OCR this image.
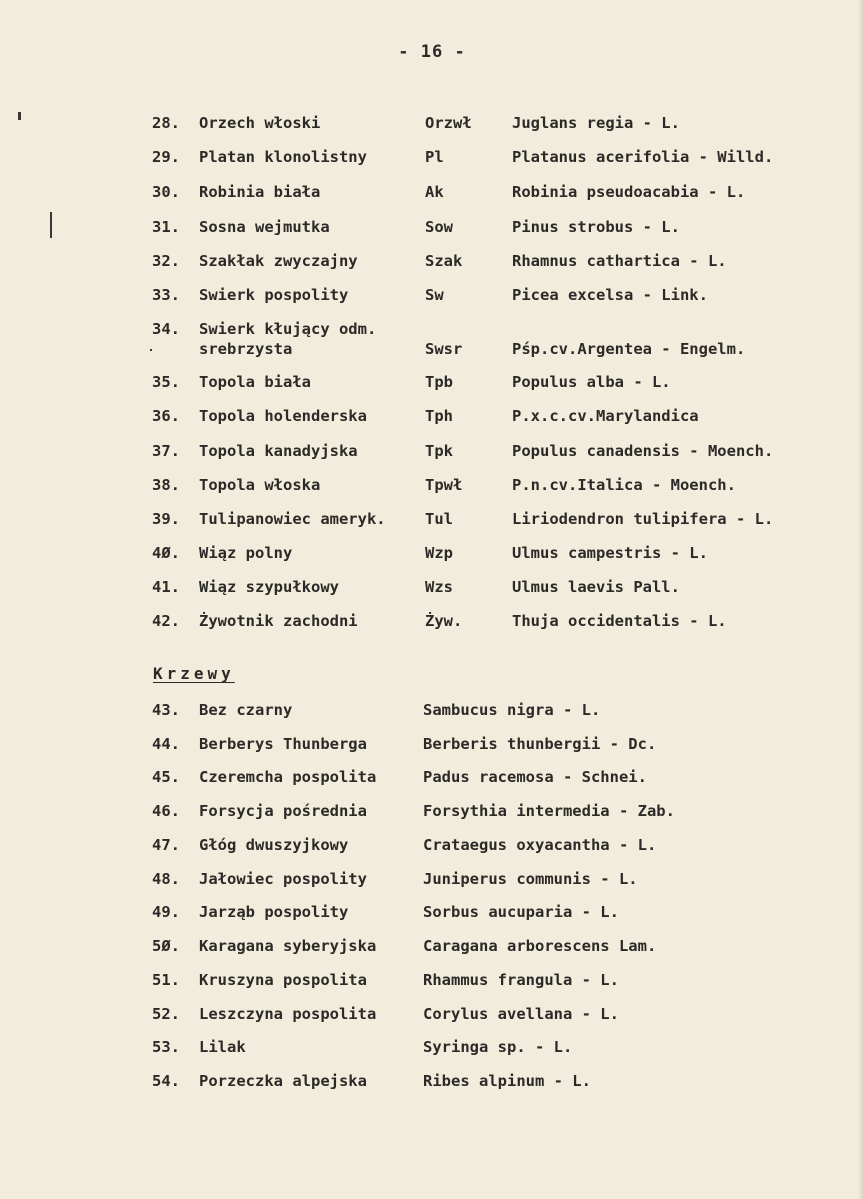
- 16 -
28.	Orzech włoski	Orzwł	Juglans regia - L.
29.	Platan klonolistny	Pl	Platanus acerifolia - Willd.
30.	Robinia biała	Ak	Robinia pseudoacabia - L.
31.	Sosna wejmutka	Sow	Pinus strobus - L.
32.	Szakłak zwyczajny	Szak	Rhamnus cathartica - L.
33.	Swierk pospolity	Sw	Picea excelsa - Link.
34.	Swierk kłujący odm.
srebrzysta	Swsr	Pśp.cv.Argentea - Engelm.
35.	Topola biała	Tpb	Populus alba - L.
36.	Topola holenderska	Tph	P.x.c.cv.Marylandica
37.	Topola kanadyjska	Tpk	Populus canadensis - Moench.
38.	Topola włoska	Tpwł	P.n.cv.Italica - Moench.
39.	Tulipanowiec ameryk.	Tul	Liriodendron tulipifera - L.
4Ø.	Wiąz polny	Wzp	Ulmus campestris - L.
41.	Wiąz szypułkowy	Wzs	Ulmus laevis Pall.
42.	Żywotnik zachodni	Żyw.	Thuja occidentalis - L.
Krzewy
43.	Bez czarny	Sambucus nigra - L.
44.	Berberys Thunberga	Berberis thunbergii - Dc.
45.	Czeremcha pospolita	Padus racemosa - Schnei.
46.	Forsycja pośrednia	Forsythia intermedia - Zab.
47.	Głóg dwuszyjkowy	Crataegus oxyacantha - L.
48.	Jałowiec pospolity	Juniperus communis - L.
49.	Jarząb pospolity	Sorbus aucuparia - L.
5Ø.	Karagana syberyjska	Caragana arborescens Lam.
51.	Kruszyna pospolita	Rhammus frangula - L.
52.	Leszczyna pospolita	Corylus avellana - L.
53.	Lilak	Syringa sp. - L.
54.	Porzeczka alpejska	Ribes alpinum - L.
